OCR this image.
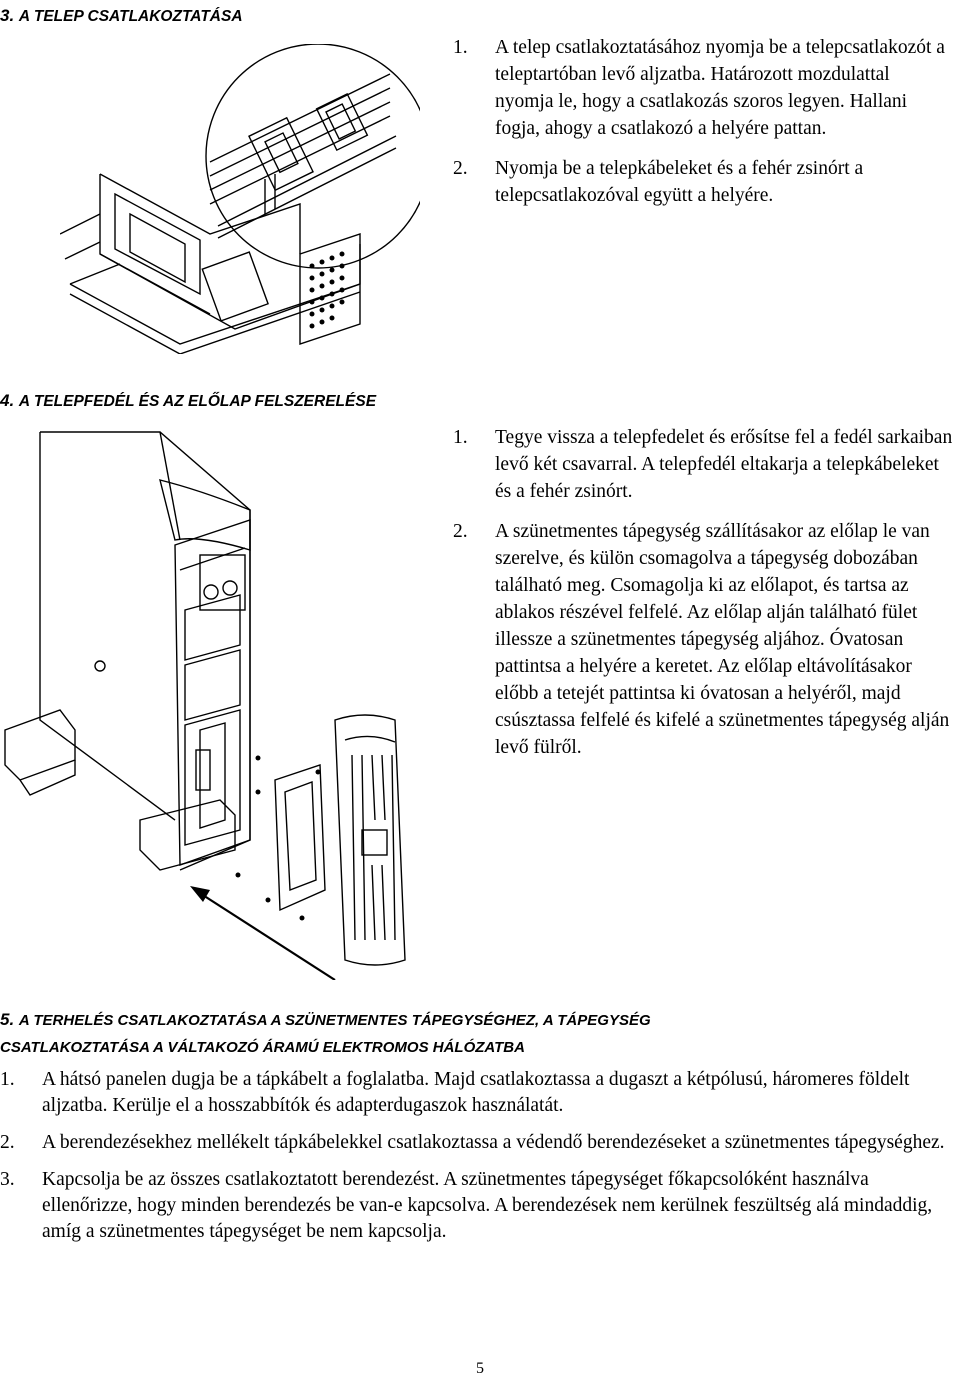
3. A TELEP CSATLAKOZTATÁSA
1. A telep csatlakoztatásához nyomja be a telepcsatlakozót a teleptartóban levő aljzatba. Határozott mozdulattal nyomja le, hogy a csatlakozás szoros legyen. Hallani fogja, ahogy a csatlakozó a helyére pattan.
2. Nyomja be a telepkábeleket és a fehér zsinórt a telepcsatlakozóval együtt a helyére.
4. A TELEPFEDÉL ÉS AZ ELŐLAP FELSZERELÉSE
1. Tegye vissza a telepfedelet és erősítse fel a fedél sarkaiban levő két csavarral. A telepfedél eltakarja a telepkábeleket és a fehér zsinórt.
2. A szünetmentes tápegység szállításakor az előlap le van szerelve, és külön csomagolva a tápegység dobozában található meg. Csomagolja ki az előlapot, és tartsa az ablakos részével felfelé. Az előlap alján található fület illessze a szünetmentes tápegység aljához. Óvatosan pattintsa a helyére a keretet. Az előlap eltávolításakor előbb a tetejét pattintsa ki óvatosan a helyéről, majd csúsztassa felfelé és kifelé a szünetmentes tápegység alján levő fülről.
5. A TERHELÉS CSATLAKOZTATÁSA A SZÜNETMENTES TÁPEGYSÉGHEZ, A TÁPEGYSÉG
CSATLAKOZTATÁSA A VÁLTAKOZÓ ÁRAMÚ ELEKTROMOS HÁLÓZATBA
1. A hátsó panelen dugja be a tápkábelt a foglalatba. Majd csatlakoztassa a dugaszt a kétpólusú, háromeres földelt aljzatba. Kerülje el a hosszabbítók és adapterdugaszok használatát.
2. A berendezésekhez mellékelt tápkábelekkel csatlakoztassa a védendő berendezéseket a szünetmentes tápegységhez.
3. Kapcsolja be az összes csatlakoztatott berendezést. A szünetmentes tápegységet főkapcsolóként használva ellenőrizze, hogy minden berendezés be van-e kapcsolva. A berendezések nem kerülnek feszültség alá mindaddig, amíg a szünetmentes tápegységet be nem kapcsolja.
5
